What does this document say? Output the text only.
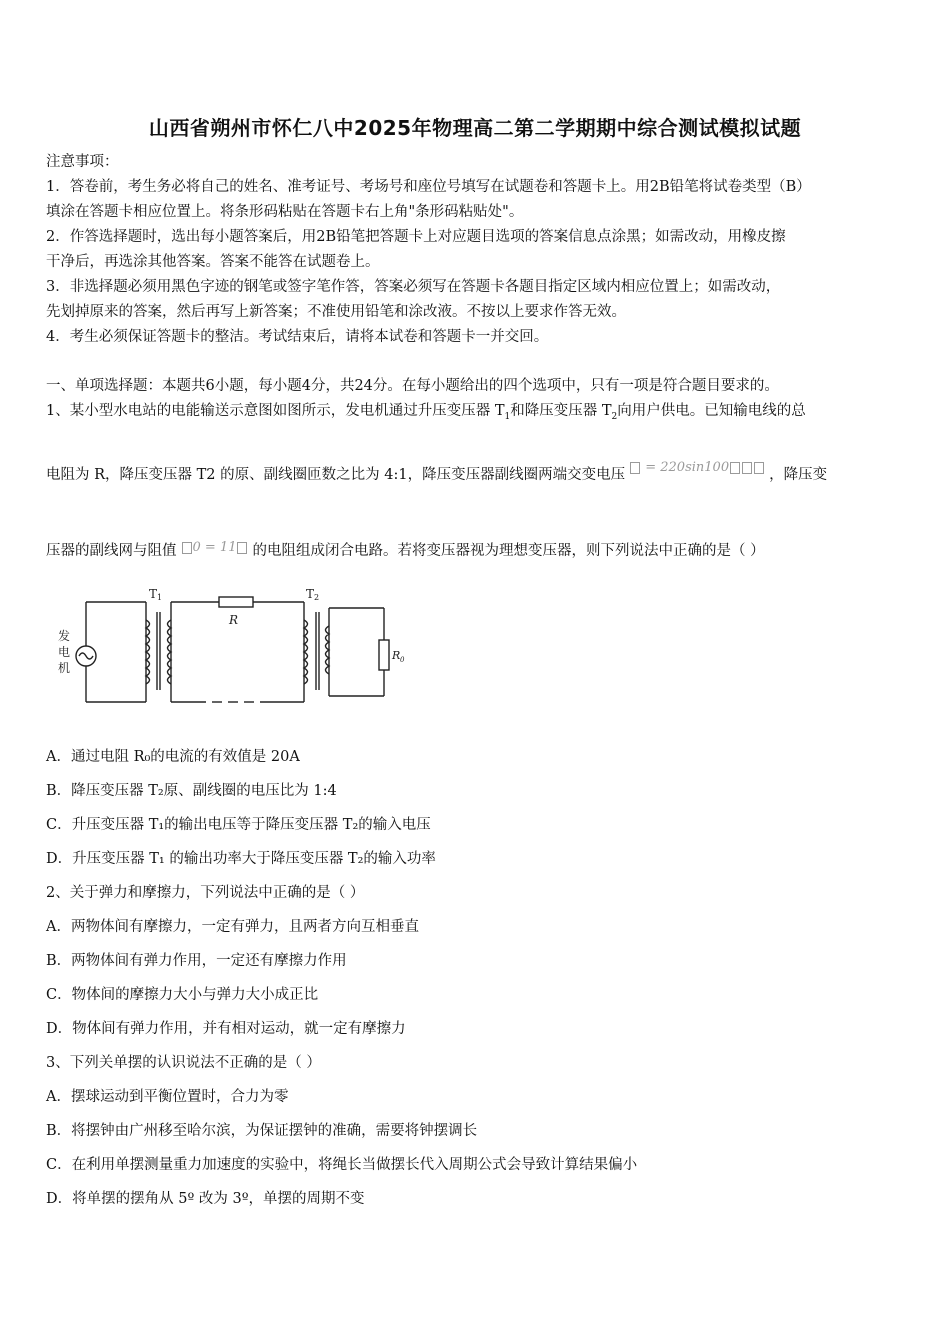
山西省朔州市怀仁八中2025年物理高二第二学期期中综合测试模拟试题
注意事项：
1．答卷前，考生务必将自己的姓名、准考证号、考场号和座位号填写在试题卷和答题卡上。用2B铅笔将试卷类型（B）
填涂在答题卡相应位置上。将条形码粘贴在答题卡右上角"条形码粘贴处"。
2．作答选择题时，选出每小题答案后，用2B铅笔把答题卡上对应题目选项的答案信息点涂黑；如需改动，用橡皮擦
干净后，再选涂其他答案。答案不能答在试题卷上。
3．非选择题必须用黑色字迹的钢笔或签字笔作答，答案必须写在答题卡各题目指定区域内相应位置上；如需改动，
先划掉原来的答案，然后再写上新答案；不准使用铅笔和涂改液。不按以上要求作答无效。
4．考生必须保证答题卡的整洁。考试结束后，请将本试卷和答题卡一并交回。
一、单项选择题：本题共6小题，每小题4分，共24分。在每小题给出的四个选项中，只有一项是符合题目要求的。
1、某小型水电站的电能输送示意图如图所示，发电机通过升压变压器 $T_1$和降压变压器 $T_2$向用户供电。已知输电线的总
电阻为 R，降压变压器 T2 的原、副线圈匝数之比为 4:1，降压变压器副线圈两端交变电压 = 220sin100	，降压变
压器的副线网与阻值 0 = 11 的电阻组成闭合电路。若将变压器视为理想变压器，则下列说法中正确的是（ ）
发
电
机
T 1	T 2
R
R 0
A．通过电阻 R₀的电流的有效值是 20A
B．降压变压器 T₂原、副线圈的电压比为 1:4
C．升压变压器 T₁的输出电压等于降压变压器 T₂的输入电压
D．升压变压器 T₁ 的输出功率大于降压变压器 T₂的输入功率
2、关于弹力和摩擦力，下列说法中正确的是（ ）
A．两物体间有摩擦力，一定有弹力，且两者方向互相垂直
B．两物体间有弹力作用，一定还有摩擦力作用
C．物体间的摩擦力大小与弹力大小成正比
D．物体间有弹力作用，并有相对运动，就一定有摩擦力
3、下列关单摆的认识说法不正确的是（ ）
A．摆球运动到平衡位置时，合力为零
B．将摆钟由广州移至哈尔滨，为保证摆钟的准确，需要将钟摆调长
C．在利用单摆测量重力加速度的实验中，将绳长当做摆长代入周期公式会导致计算结果偏小
D．将单摆的摆角从 5º 改为 3º，单摆的周期不变
